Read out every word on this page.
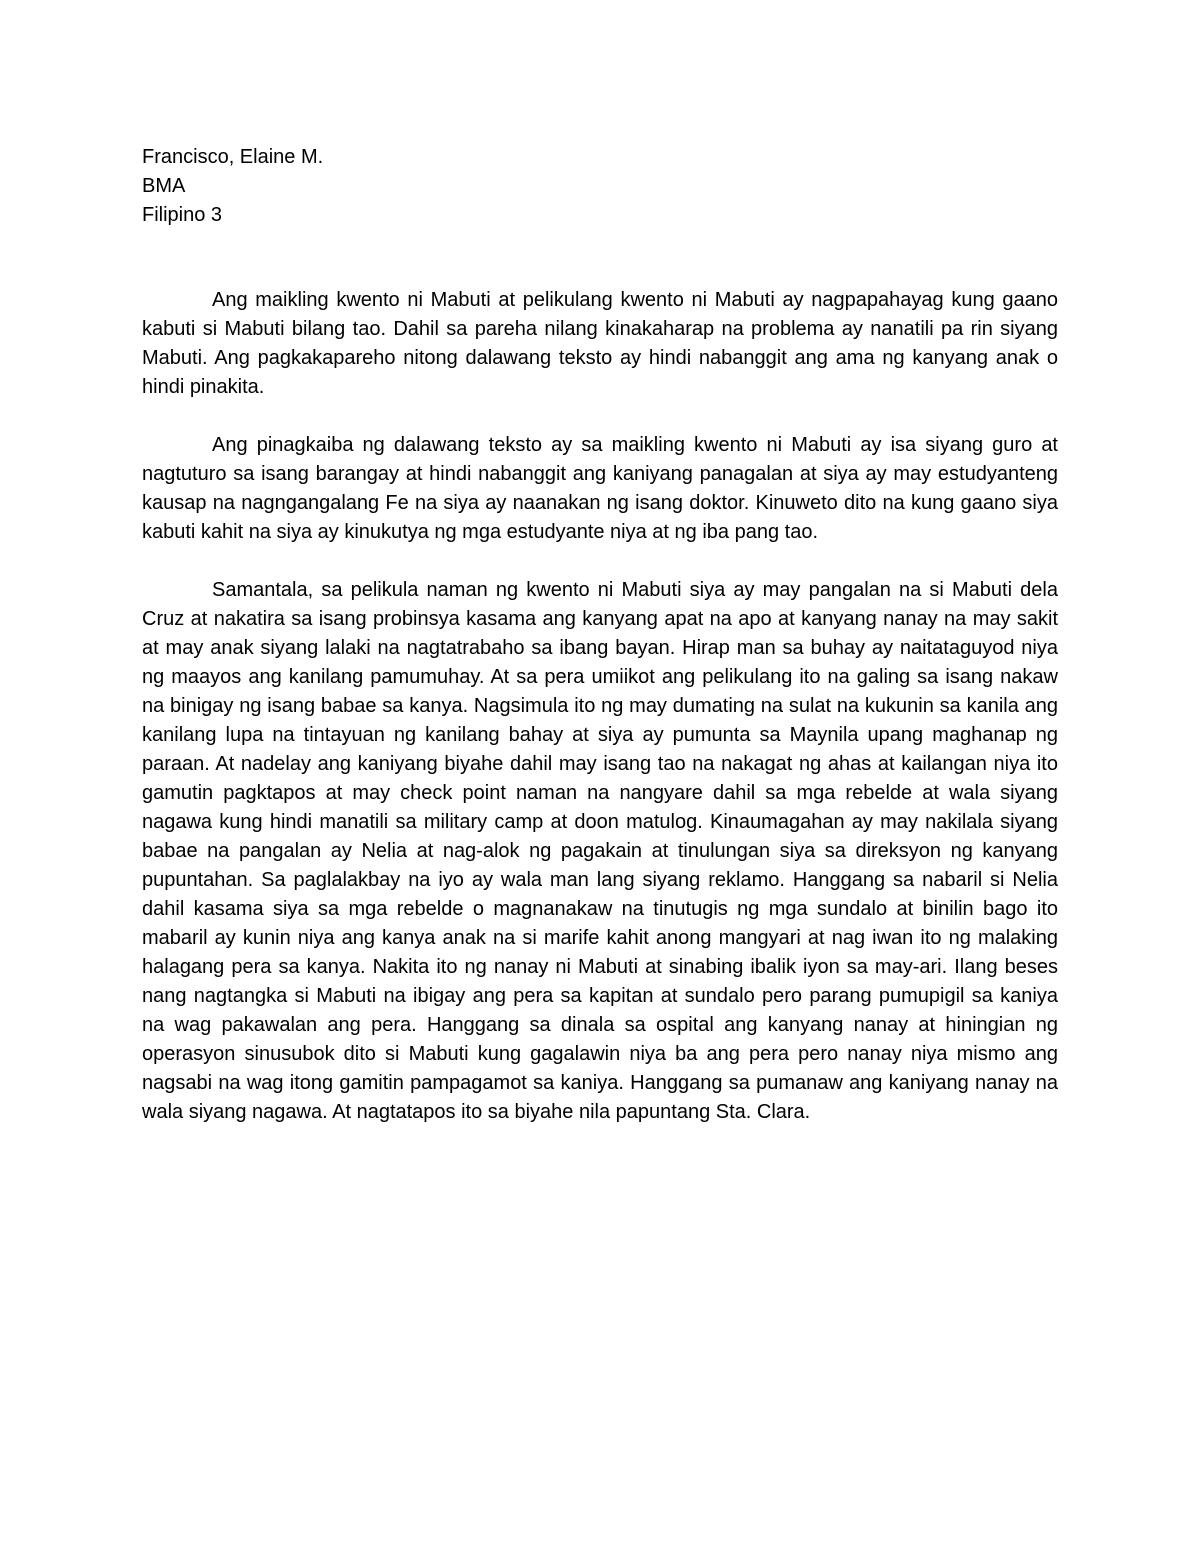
Francisco, Elaine M.
BMA
Filipino 3

Ang maikling kwento ni Mabuti at pelikulang kwento ni Mabuti ay nagpapahayag kung gaano kabuti si Mabuti bilang tao. Dahil sa pareha nilang kinakaharap na problema ay nanatili pa rin siyang Mabuti. Ang pagkakapareho nitong dalawang teksto ay hindi nabanggit ang ama ng kanyang anak o hindi pinakita.

Ang pinagkaiba ng dalawang teksto ay sa maikling kwento ni Mabuti ay isa siyang guro at nagtuturo sa isang barangay at hindi nabanggit ang kaniyang panagalan at siya ay may estudyanteng kausap na nagngangalang Fe na siya ay naanakan ng isang doktor. Kinuweto dito na kung gaano siya kabuti kahit na siya ay kinukutya ng mga estudyante niya at ng iba pang tao.

Samantala, sa pelikula naman ng kwento ni Mabuti siya ay may pangalan na si Mabuti dela Cruz at nakatira sa isang probinsya kasama ang kanyang apat na apo at kanyang nanay na may sakit at may anak siyang lalaki na nagtatrabaho sa ibang bayan. Hirap man sa buhay ay naitataguyod niya ng maayos ang kanilang pamumuhay. At sa pera umiikot ang pelikulang ito na galing sa isang nakaw na binigay ng isang babae sa kanya. Nagsimula ito ng may dumating na sulat na kukunin sa kanila ang kanilang lupa na tintayuan ng kanilang bahay at siya ay pumunta sa Maynila upang maghanap ng paraan. At nadelay ang kaniyang biyahe dahil may isang tao na nakagat ng ahas at kailangan niya ito gamutin pagktapos at may check point naman na nangyare dahil sa mga rebelde at wala siyang nagawa kung hindi manatili sa military camp at doon matulog. Kinaumagahan ay may nakilala siyang babae na pangalan ay Nelia at nag-alok ng pagakain at tinulungan siya sa direksyon ng kanyang pupuntahan. Sa paglalakbay na iyo ay wala man lang siyang reklamo. Hanggang sa nabaril si Nelia dahil kasama siya sa mga rebelde o magnanakaw na tinutugis ng mga sundalo at binilin bago ito mabaril ay kunin niya ang kanya anak na si marife kahit anong mangyari at nag iwan ito ng malaking halagang pera sa kanya. Nakita ito ng nanay ni Mabuti at sinabing ibalik iyon sa may-ari. Ilang beses nang nagtangka si Mabuti na ibigay ang pera sa kapitan at sundalo pero parang pumupigil sa kaniya na wag pakawalan ang pera. Hanggang sa dinala sa ospital ang kanyang nanay at hiningian ng operasyon sinusubok dito si Mabuti kung gagalawin niya ba ang pera pero nanay niya mismo ang nagsabi na wag itong gamitin pampagamot sa kaniya. Hanggang sa pumanaw ang kaniyang nanay na wala siyang nagawa. At nagtatapos ito sa biyahe nila papuntang Sta. Clara.
